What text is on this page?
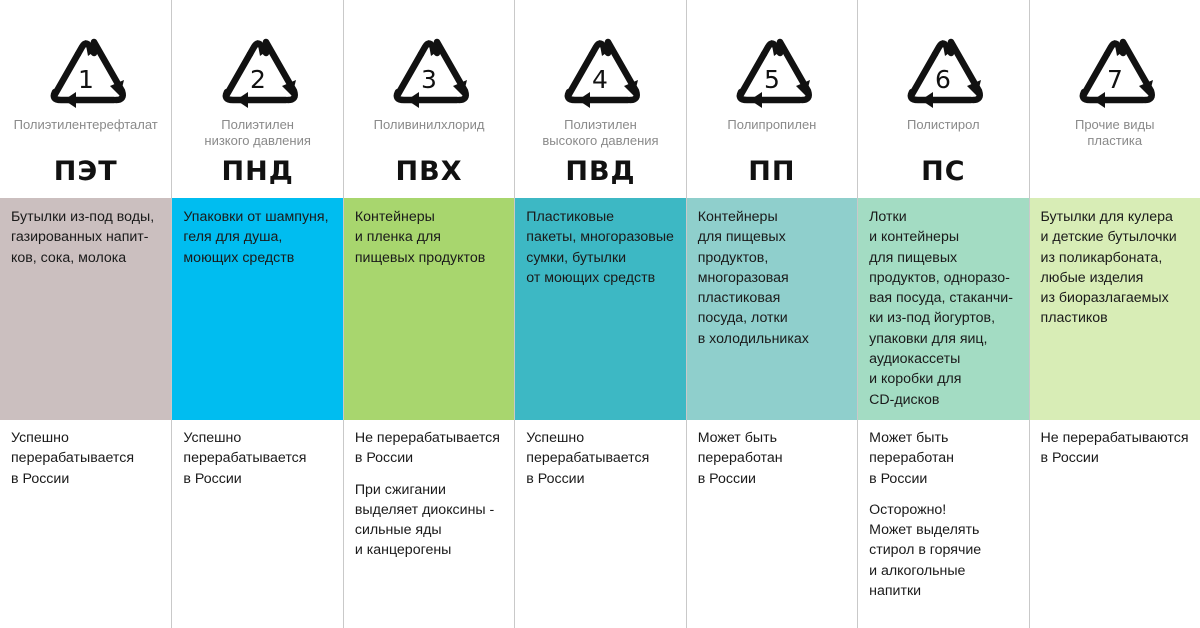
1
Полиэтилентерефталат
ПЭТ
Бутылки из-под воды,
газированных напит-
ков, сока, молока
Успешно
перерабатывается
в России
2
Полиэтилен
низкого давления
ПНД
Упаковки от шампуня,
геля для душа,
моющих средств
Успешно
перерабатывается
в России
3
Поливинилхлорид
ПВХ
Контейнеры
и пленка для
пищевых продуктов
Не перерабатывается
в России
При сжигании
выделяет диоксины -
сильные яды
и канцерогены
4
Полиэтилен
высокого давления
ПВД
Пластиковые
пакеты, многоразовые
сумки, бутылки
от моющих средств
Успешно
перерабатывается
в России
5
Полипропилен
ПП
Контейнеры
для пищевых
продуктов,
многоразовая
пластиковая
посуда, лотки
в холодильниках
Может быть
переработан
в России
6
Полистирол
ПС
Лотки
и контейнеры
для пищевых
продуктов, одноразо-
вая посуда, стаканчи-
ки из-под йогуртов,
упаковки для яиц,
аудиокассеты
и коробки для
CD-дисков
Может быть
переработан
в России
Осторожно!
Может выделять
стирол в горячие
и алкогольные
напитки
7
Прочие виды
пластика
Бутылки для кулера
и детские бутылочки
из поликарбоната,
любые изделия
из биоразлагаемых
пластиков
Не перерабатываются
в России
